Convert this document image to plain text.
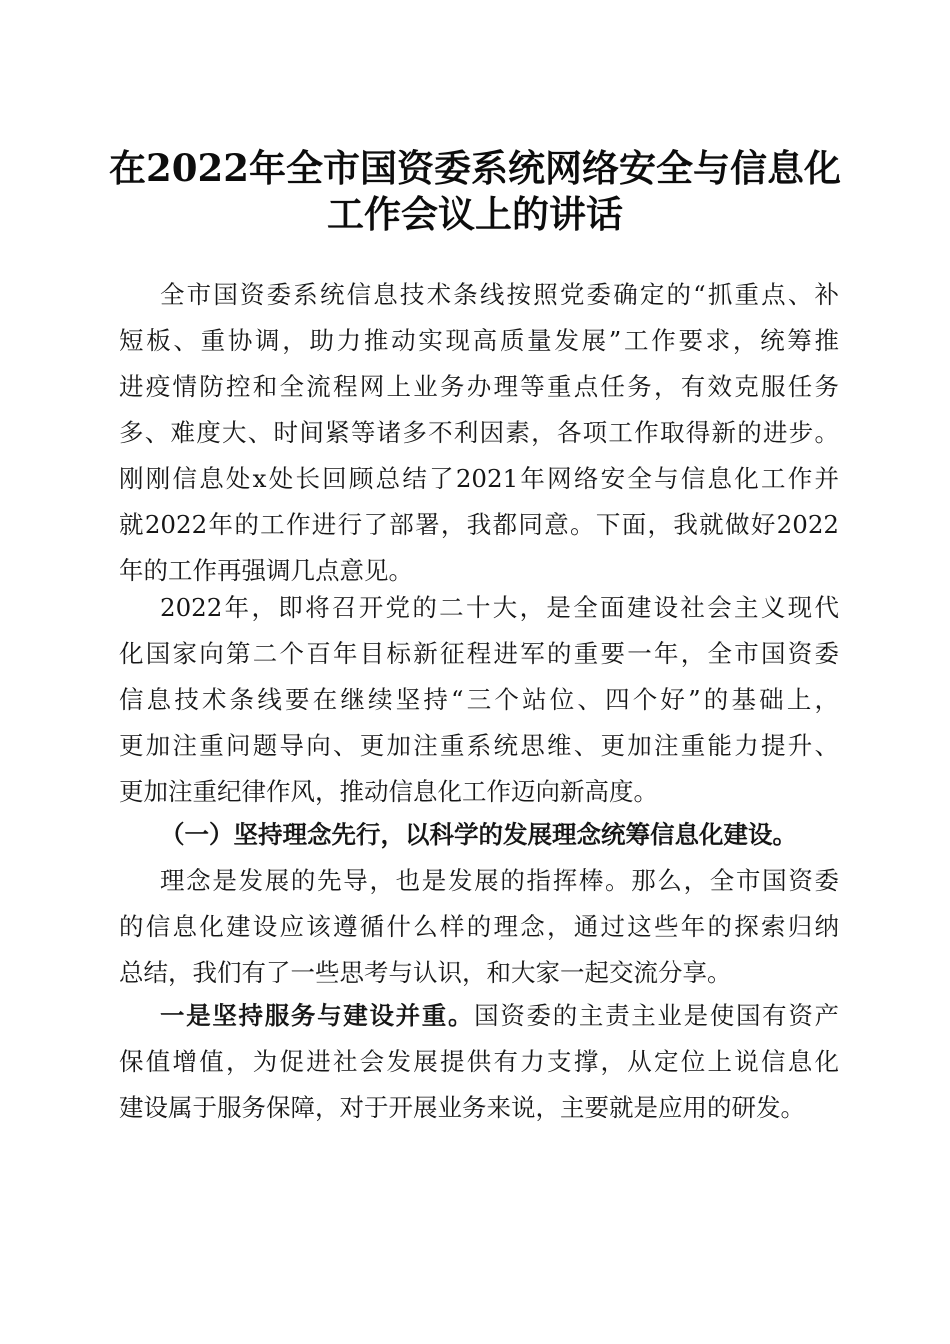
在2022年全市国资委系统网络安全与信息化
工作会议上的讲话
全市国资委系统信息技术条线按照党委确定的“抓重点、补
短板、重协调，助力推动实现高质量发展”工作要求，统筹推
进疫情防控和全流程网上业务办理等重点任务，有效克服任务
多、难度大、时间紧等诸多不利因素，各项工作取得新的进步。
刚刚信息处x处长回顾总结了2021年网络安全与信息化工作并
就2022年的工作进行了部署，我都同意。下面，我就做好2022
年的工作再强调几点意见。
2022年，即将召开党的二十大，是全面建设社会主义现代
化国家向第二个百年目标新征程进军的重要一年，全市国资委
信息技术条线要在继续坚持“三个站位、四个好”的基础上，
更加注重问题导向、更加注重系统思维、更加注重能力提升、
更加注重纪律作风，推动信息化工作迈向新高度。
（一）坚持理念先行，以科学的发展理念统筹信息化建设。
理念是发展的先导，也是发展的指挥棒。那么，全市国资委
的信息化建设应该遵循什么样的理念，通过这些年的探索归纳
总结，我们有了一些思考与认识，和大家一起交流分享。
一是坚持服务与建设并重。国资委的主责主业是使国有资产
保值增值，为促进社会发展提供有力支撑，从定位上说信息化
建设属于服务保障，对于开展业务来说，主要就是应用的研发。
